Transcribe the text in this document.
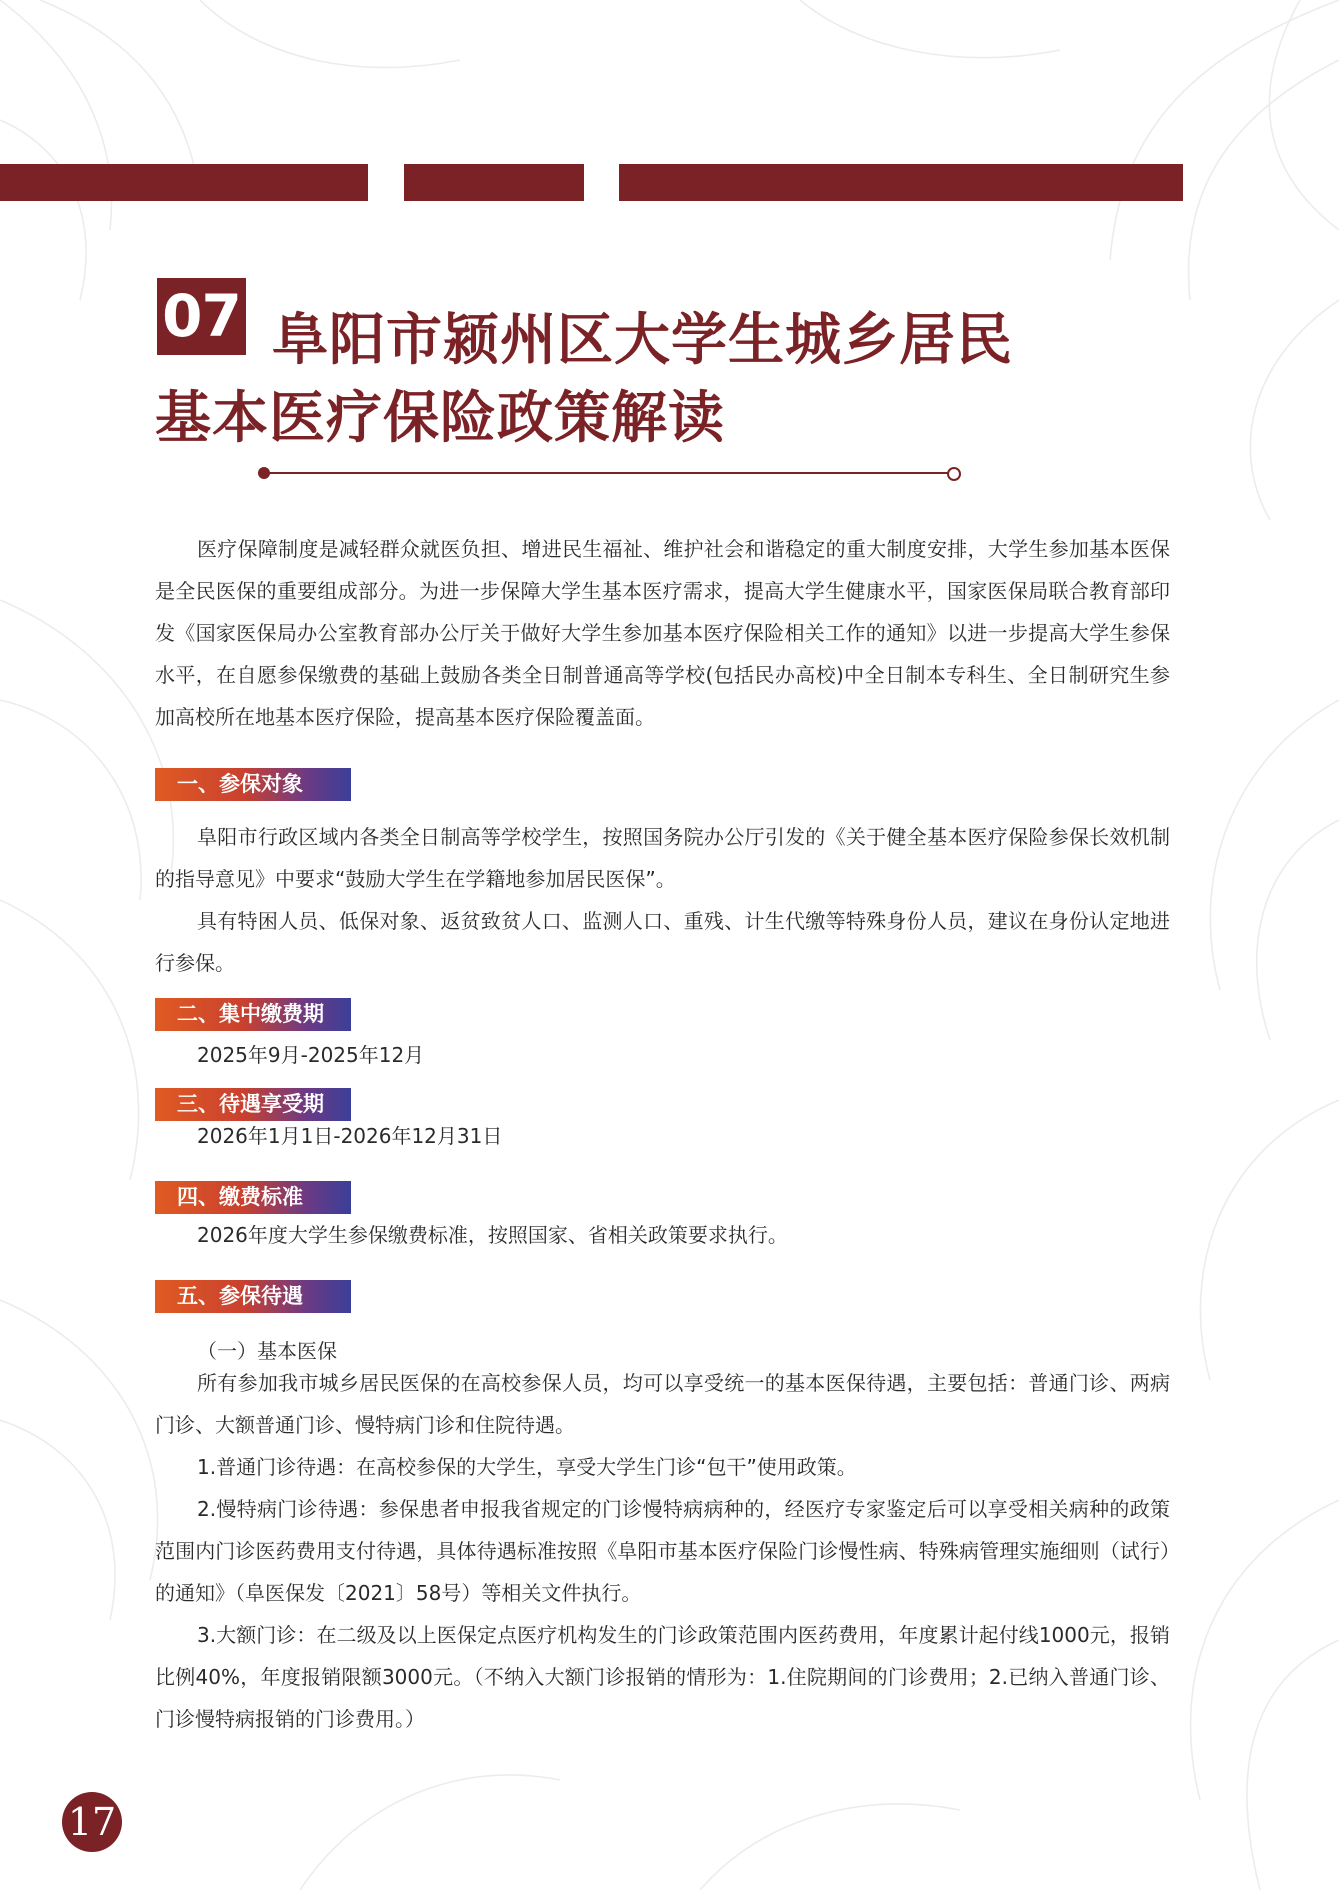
07 阜阳市颍州区大学生城乡居民
基本医疗保险政策解读

医疗保障制度是减轻群众就医负担、增进民生福祉、维护社会和谐稳定的重大制度安排，大学生参加基本医保是全民医保的重要组成部分。为进一步保障大学生基本医疗需求，提高大学生健康水平，国家医保局联合教育部印发《国家医保局办公室教育部办公厅关于做好大学生参加基本医疗保险相关工作的通知》以进一步提高大学生参保水平，在自愿参保缴费的基础上鼓励各类全日制普通高等学校(包括民办高校)中全日制本专科生、全日制研究生参加高校所在地基本医疗保险，提高基本医疗保险覆盖面。

一、参保对象

阜阳市行政区域内各类全日制高等学校学生，按照国务院办公厅引发的《关于健全基本医疗保险参保长效机制的指导意见》中要求“鼓励大学生在学籍地参加居民医保”。

具有特困人员、低保对象、返贫致贫人口、监测人口、重残、计生代缴等特殊身份人员，建议在身份认定地进行参保。

二、集中缴费期

2025年9月-2025年12月

三、待遇享受期

2026年1月1日-2026年12月31日

四、缴费标准

2026年度大学生参保缴费标准，按照国家、省相关政策要求执行。

五、参保待遇

（一）基本医保

所有参加我市城乡居民医保的在高校参保人员，均可以享受统一的基本医保待遇，主要包括：普通门诊、两病门诊、大额普通门诊、慢特病门诊和住院待遇。

1.普通门诊待遇：在高校参保的大学生，享受大学生门诊“包干”使用政策。

2.慢特病门诊待遇：参保患者申报我省规定的门诊慢特病病种的，经医疗专家鉴定后可以享受相关病种的政策范围内门诊医药费用支付待遇，具体待遇标准按照《阜阳市基本医疗保险门诊慢性病、特殊病管理实施细则（试行）的通知》（阜医保发〔2021〕58号）等相关文件执行。

3.大额门诊：在二级及以上医保定点医疗机构发生的门诊政策范围内医药费用，年度累计起付线1000元，报销比例40%，年度报销限额3000元。（不纳入大额门诊报销的情形为：1.住院期间的门诊费用；2.已纳入普通门诊、门诊慢特病报销的门诊费用。）

17
